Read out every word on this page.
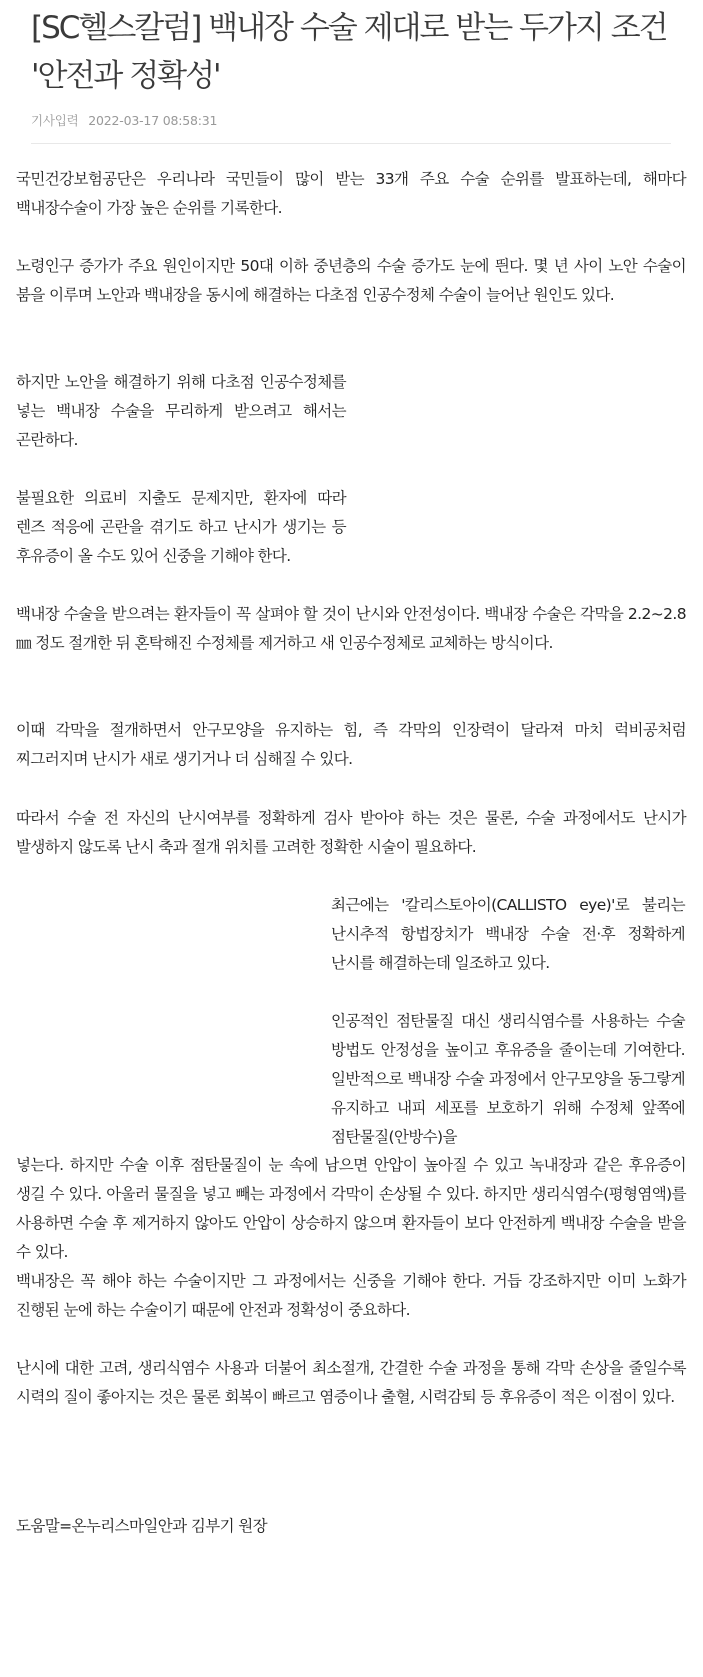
[SC헬스칼럼] 백내장 수술 제대로 받는 두가지 조건 '안전과 정확성'
기사입력 2022-03-17 08:58:31

국민건강보험공단은 우리나라 국민들이 많이 받는 33개 주요 수술 순위를 발표하는데, 해마다 백내장수술이 가장 높은 순위를 기록한다.

노령인구 증가가 주요 원인이지만 50대 이하 중년층의 수술 증가도 눈에 띈다. 몇 년 사이 노안 수술이 붐을 이루며 노안과 백내장을 동시에 해결하는 다초점 인공수정체 수술이 늘어난 원인도 있다.

하지만 노안을 해결하기 위해 다초점 인공수정체를 넣는 백내장 수술을 무리하게 받으려고 해서는 곤란하다.

불필요한 의료비 지출도 문제지만, 환자에 따라 렌즈 적응에 곤란을 겪기도 하고 난시가 생기는 등 후유증이 올 수도 있어 신중을 기해야 한다.

백내장 수술을 받으려는 환자들이 꼭 살펴야 할 것이 난시와 안전성이다. 백내장 수술은 각막을 2.2~2.8㎜ 정도 절개한 뒤 혼탁해진 수정체를 제거하고 새 인공수정체로 교체하는 방식이다.

이때 각막을 절개하면서 안구모양을 유지하는 힘, 즉 각막의 인장력이 달라져 마치 럭비공처럼 찌그러지며 난시가 새로 생기거나 더 심해질 수 있다.

따라서 수술 전 자신의 난시여부를 정확하게 검사 받아야 하는 것은 물론, 수술 과정에서도 난시가 발생하지 않도록 난시 축과 절개 위치를 고려한 정확한 시술이 필요하다.

최근에는 '칼리스토아이(CALLISTO eye)'로 불리는 난시추적 항법장치가 백내장 수술 전·후 정확하게 난시를 해결하는데 일조하고 있다.

인공적인 점탄물질 대신 생리식염수를 사용하는 수술 방법도 안정성을 높이고 후유증을 줄이는데 기여한다. 일반적으로 백내장 수술 과정에서 안구모양을 동그랗게 유지하고 내피 세포를 보호하기 위해 수정체 앞쪽에 점탄물질(안방수)을

넣는다. 하지만 수술 이후 점탄물질이 눈 속에 남으면 안압이 높아질 수 있고 녹내장과 같은 후유증이 생길 수 있다. 아울러 물질을 넣고 빼는 과정에서 각막이 손상될 수 있다. 하지만 생리식염수(평형염액)를 사용하면 수술 후 제거하지 않아도 안압이 상승하지 않으며 환자들이 보다 안전하게 백내장 수술을 받을 수 있다.

백내장은 꼭 해야 하는 수술이지만 그 과정에서는 신중을 기해야 한다. 거듭 강조하지만 이미 노화가 진행된 눈에 하는 수술이기 때문에 안전과 정확성이 중요하다.

난시에 대한 고려, 생리식염수 사용과 더불어 최소절개, 간결한 수술 과정을 통해 각막 손상을 줄일수록 시력의 질이 좋아지는 것은 물론 회복이 빠르고 염증이나 출혈, 시력감퇴 등 후유증이 적은 이점이 있다.

도움말=온누리스마일안과 김부기 원장
